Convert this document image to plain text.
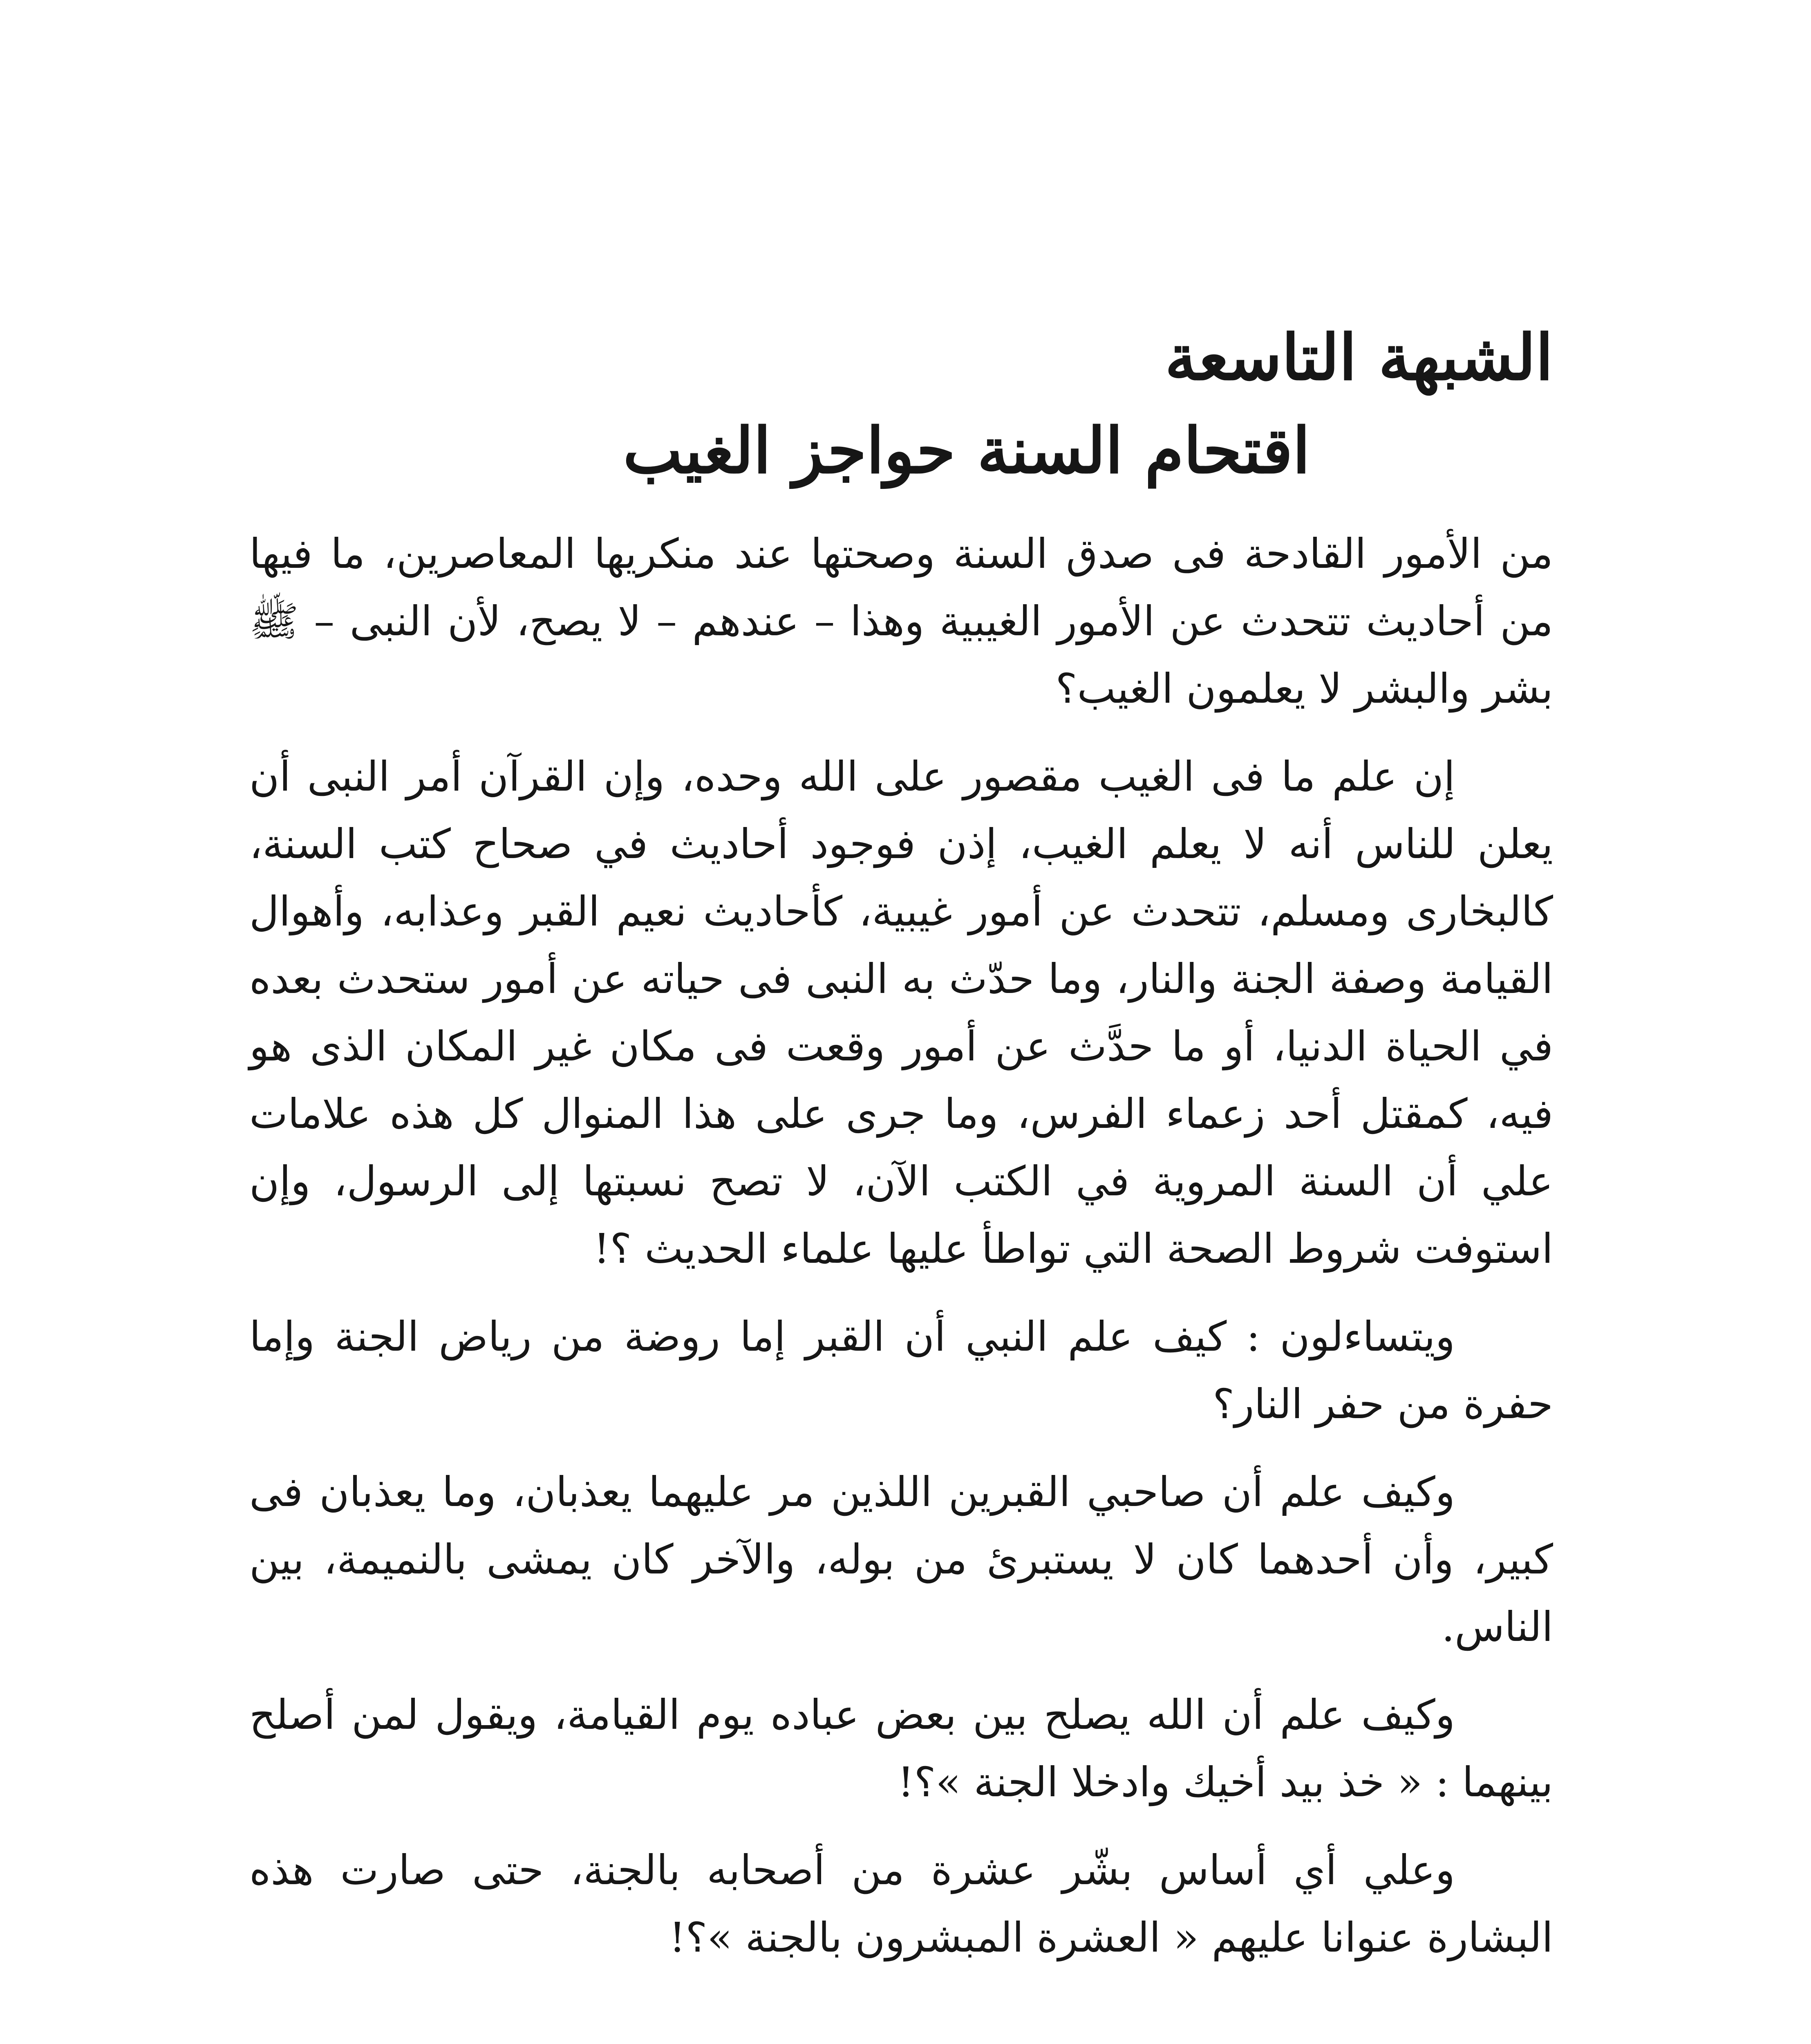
الشبهة التاسعة
اقتحام السنة حواجز الغيب

من الأمور القادحة فى صدق السنة وصحتها عند منكريها المعاصرين، ما فيها من أحاديث تتحدث عن الأمور الغيبية وهذا – عندهم – لا يصح، لأن النبى – ﷺ بشر والبشر لا يعلمون الغيب؟

إن علم ما فى الغيب مقصور على الله وحده، وإن القرآن أمر النبى أن يعلن للناس أنه لا يعلم الغيب، إذن فوجود أحاديث في صحاح كتب السنة، كالبخارى ومسلم، تتحدث عن أمور غيبية، كأحاديث نعيم القبر وعذابه، وأهوال القيامة وصفة الجنة والنار، وما حدّث به النبى فى حياته عن أمور ستحدث بعده في الحياة الدنيا، أو ما حدَّث عن أمور وقعت فى مكان غير المكان الذى هو فيه، كمقتل أحد زعماء الفرس، وما جرى على هذا المنوال كل هذه علامات علي أن السنة المروية في الكتب الآن، لا تصح نسبتها إلى الرسول، وإن استوفت شروط الصحة التي تواطأ عليها علماء الحديث ؟!

ويتساءلون : كيف علم النبي أن القبر إما روضة من رياض الجنة وإما حفرة من حفر النار؟

وكيف علم أن صاحبي القبرين اللذين مر عليهما يعذبان، وما يعذبان فى كبير، وأن أحدهما كان لا يستبرئ من بوله، والآخر كان يمشى بالنميمة، بين الناس.

وكيف علم أن الله يصلح بين بعض عباده يوم القيامة، ويقول لمن أصلح بينهما : « خذ بيد أخيك وادخلا الجنة »؟!

وعلي أي أساس بشّر عشرة من أصحابه بالجنة، حتى صارت هذه البشارة عنوانا عليهم « العشرة المبشرون بالجنة »؟!
